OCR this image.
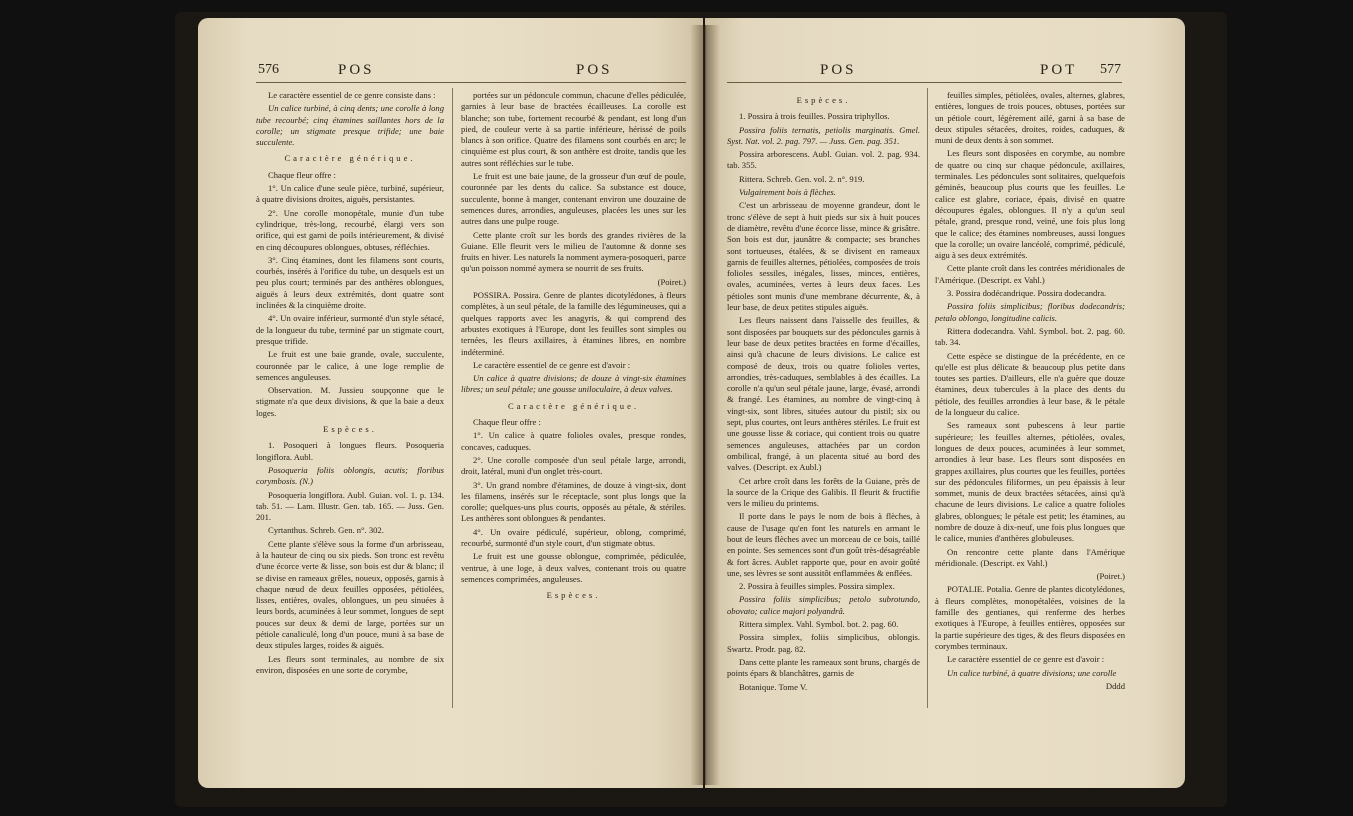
576	POS	POS

Le caractère essentiel de ce genre consiste dans :

Un calice turbiné, à cinq dents; une corolle à long tube recourbé; cinq étamines saillantes hors de la corolle; un stigmate presque trifide; une baie succulente.

Caractère générique.

Chaque fleur offre :

1°. Un calice d'une seule pièce, turbiné, supérieur, à quatre divisions droites, aiguës, persistantes.

2°. Une corolle monopétale, munie d'un tube cylindrique, très-long, recourbé, élargi vers son orifice, qui est garni de poils intérieurement, & divisé en cinq découpures oblongues, obtuses, réfléchies.

3°. Cinq étamines, dont les filamens sont courts, courbés, insérés à l'orifice du tube, un desquels est un peu plus court; terminés par des anthères oblongues, aiguës à leurs deux extrémités, dont quatre sont inclinées & la cinquième droite.

4°. Un ovaire inférieur, surmonté d'un style sétacé, de la longueur du tube, terminé par un stigmate court, presque trifide.

Le fruit est une baie grande, ovale, succulente, couronnée par le calice, à une loge remplie de semences anguleuses.

Observation. M. Jussieu soupçonne que le stigmate n'a que deux divisions, & que la baie a deux loges.

Espèces.

1. Posoqueri à longues fleurs. Posoqueria longiflora. Aubl.

Posoqueria foliis oblongis, acutis; floribus corymbosis. (N.)

Posoqueria longiflora. Aubl. Guian. vol. 1. p. 134. tab. 51. — Lam. Illustr. Gen. tab. 165. — Juss. Gen. 201.

Cyrtanthus. Schreb. Gen. n°. 302.

Cette plante s'élève sous la forme d'un arbrisseau, à la hauteur de cinq ou six pieds. Son tronc est revêtu d'une écorce verte & lisse, son bois est dur & blanc; il se divise en rameaux grêles, noueux, opposés, garnis à chaque nœud de deux feuilles opposées, pétiolées, lisses, entières, ovales, oblongues, un peu sinuées à leurs bords, acuminées à leur sommet, longues de sept pouces sur deux & demi de large, portées sur un pétiole canaliculé, long d'un pouce, muni à sa base de deux stipules larges, roides & aiguës.

Les fleurs sont terminales, au nombre de six environ, disposées en une sorte de corymbe,

portées sur un pédoncule commun, chacune d'elles pédiculée, garnies à leur base de bractées écailleuses. La corolle est blanche; son tube, fortement recourbé & pendant, est long d'un pied, de couleur verte à sa partie inférieure, hérissé de poils blancs à son orifice. Quatre des filamens sont courbés en arc; le cinquième est plus court, & son anthère est droite, tandis que les autres sont réfléchies sur le tube.

Le fruit est une baie jaune, de la grosseur d'un œuf de poule, couronnée par les dents du calice. Sa substance est douce, succulente, bonne à manger, contenant environ une douzaine de semences dures, arrondies, anguleuses, placées les unes sur les autres dans une pulpe rouge.

Cette plante croît sur les bords des grandes rivières de la Guiane. Elle fleurit vers le milieu de l'automne & donne ses fruits en hiver. Les naturels la nomment aymera-posoqueri, parce qu'un poisson nommé aymera se nourrit de ses fruits.

(Poiret.)

POSSIRA. Possira. Genre de plantes dicotylédones, à fleurs complètes, à un seul pétale, de la famille des légumineuses, qui a quelques rapports avec les anagyris, & qui comprend des arbustes exotiques à l'Europe, dont les feuilles sont simples ou ternées, les fleurs axillaires, à étamines libres, en nombre indéterminé.

Le caractère essentiel de ce genre est d'avoir :

Un calice à quatre divisions; de douze à vingt-six étamines libres; un seul pétale; une gousse uniloculaire, à deux valves.

Caractère générique.

Chaque fleur offre :

1°. Un calice à quatre folioles ovales, presque rondes, concaves, caduques.

2°. Une corolle composée d'un seul pétale large, arrondi, droit, latéral, muni d'un onglet très-court.

3°. Un grand nombre d'étamines, de douze à vingt-six, dont les filamens, insérés sur le réceptacle, sont plus longs que la corolle; quelques-uns plus courts, opposés au pétale, & stériles. Les anthères sont oblongues & pendantes.

4°. Un ovaire pédiculé, supérieur, oblong, comprimé, recourbé, surmonté d'un style court, d'un stigmate obtus.

Le fruit est une gousse oblongue, comprimée, pédiculée, ventrue, à une loge, à deux valves, contenant trois ou quatre semences comprimées, anguleuses.

Espèces.

POS	POT 577

Espèces.

1. Possira à trois feuilles. Possira triphyllos.

Possira foliis ternatis, petiolis marginatis. Gmel. Syst. Nat. vol. 2. pag. 797. — Juss. Gen. pag. 351.

Possira arborescens. Aubl. Guian. vol. 2. pag. 934. tab. 355.

Rittera. Schreb. Gen. vol. 2. n°. 919.

Vulgairement bois à flèches.

C'est un arbrisseau de moyenne grandeur, dont le tronc s'élève de sept à huit pieds sur six à huit pouces de diamètre, revêtu d'une écorce lisse, mince & grisâtre. Son bois est dur, jaunâtre & compacte; ses branches sont tortueuses, étalées, & se divisent en rameaux garnis de feuilles alternes, pétiolées, composées de trois folioles sessiles, inégales, lisses, minces, entières, ovales, acuminées, vertes à leurs deux faces. Les pétioles sont munis d'une membrane décurrente, &, à leur base, de deux petites stipules aiguës.

Les fleurs naissent dans l'aisselle des feuilles, & sont disposées par bouquets sur des pédoncules garnis à leur base de deux petites bractées en forme d'écailles, ainsi qu'à chacune de leurs divisions. Le calice est composé de deux, trois ou quatre folioles vertes, arrondies, très-caduques, semblables à des écailles. La corolle n'a qu'un seul pétale jaune, large, évasé, arrondi & frangé. Les étamines, au nombre de vingt-cinq à vingt-six, sont libres, situées autour du pistil; six ou sept, plus courtes, ont leurs anthères stériles. Le fruit est une gousse lisse & coriace, qui contient trois ou quatre semences anguleuses, attachées par un cordon ombilical, frangé, à un placenta situé au bord des valves. (Descript. ex Aubl.)

Cet arbre croît dans les forêts de la Guiane, près de la source de la Crique des Galibis. Il fleurit & fructifie vers le milieu du printems.

Il porte dans le pays le nom de bois à flèches, à cause de l'usage qu'en font les naturels en armant le bout de leurs flèches avec un morceau de ce bois, taillé en pointe. Ses semences sont d'un goût très-désagréable & fort âcres. Aublet rapporte que, pour en avoir goûté une, ses lèvres se sont aussitôt enflammées & enflées.

2. Possira à feuilles simples. Possira simplex.

Possira foliis simplicibus; petolo subrotundo, obovato; calice majori polyandrâ.

Rittera simplex. Vahl. Symbol. bot. 2. pag. 60.

Possira simplex, foliis simplicibus, oblongis. Swartz. Prodr. pag. 82.

Dans cette plante les rameaux sont bruns, chargés de points épars & blanchâtres, garnis de

Botanique. Tome V.

feuilles simples, pétiolées, ovales, alternes, glabres, entières, longues de trois pouces, obtuses, portées sur un pétiole court, légèrement ailé, garni à sa base de deux stipules sétacées, droites, roides, caduques, & muni de deux dents à son sommet.

Les fleurs sont disposées en corymbe, au nombre de quatre ou cinq sur chaque pédoncule, axillaires, terminales. Les pédoncules sont solitaires, quelquefois géminés, beaucoup plus courts que les feuilles. Le calice est glabre, coriace, épais, divisé en quatre découpures égales, oblongues. Il n'y a qu'un seul pétale, grand, presque rond, veiné, une fois plus long que le calice; des étamines nombreuses, aussi longues que la corolle; un ovaire lancéolé, comprimé, pédiculé, aigu à ses deux extrémités.

Cette plante croît dans les contrées méridionales de l'Amérique. (Descript. ex Vahl.)

3. Possira dodécandrique. Possira dodecandra.

Possira foliis simplicibus; floribus dodecandris; petalo oblongo, longitudine calicis.

Rittera dodecandra. Vahl. Symbol. bot. 2. pag. 60. tab. 34.

Cette espèce se distingue de la précédente, en ce qu'elle est plus délicate & beaucoup plus petite dans toutes ses parties. D'ailleurs, elle n'a guère que douze étamines, deux tubercules à la place des dents du pétiole, des feuilles arrondies à leur base, & le pétale de la longueur du calice.

Ses rameaux sont pubescens à leur partie supérieure; les feuilles alternes, pétiolées, ovales, longues de deux pouces, acuminées à leur sommet, arrondies à leur base. Les fleurs sont disposées en grappes axillaires, plus courtes que les feuilles, portées sur des pédoncules filiformes, un peu épaissis à leur sommet, munis de deux bractées sétacées, ainsi qu'à chacune de leurs divisions. Le calice a quatre folioles glabres, oblongues; le pétale est petit; les étamines, au nombre de douze à dix-neuf, une fois plus longues que le calice, munies d'anthères globuleuses.

On rencontre cette plante dans l'Amérique méridionale. (Descript. ex Vahl.)

(Poiret.)

POTALIE. Potalia. Genre de plantes dicotylédones, à fleurs complètes, monopétalées, voisines de la famille des gentianes, qui renferme des herbes exotiques à l'Europe, à feuilles entières, opposées sur la partie supérieure des tiges, & des fleurs disposées en corymbes terminaux.

Le caractère essentiel de ce genre est d'avoir :

Un calice turbiné, à quatre divisions; une corolle

Dddd
